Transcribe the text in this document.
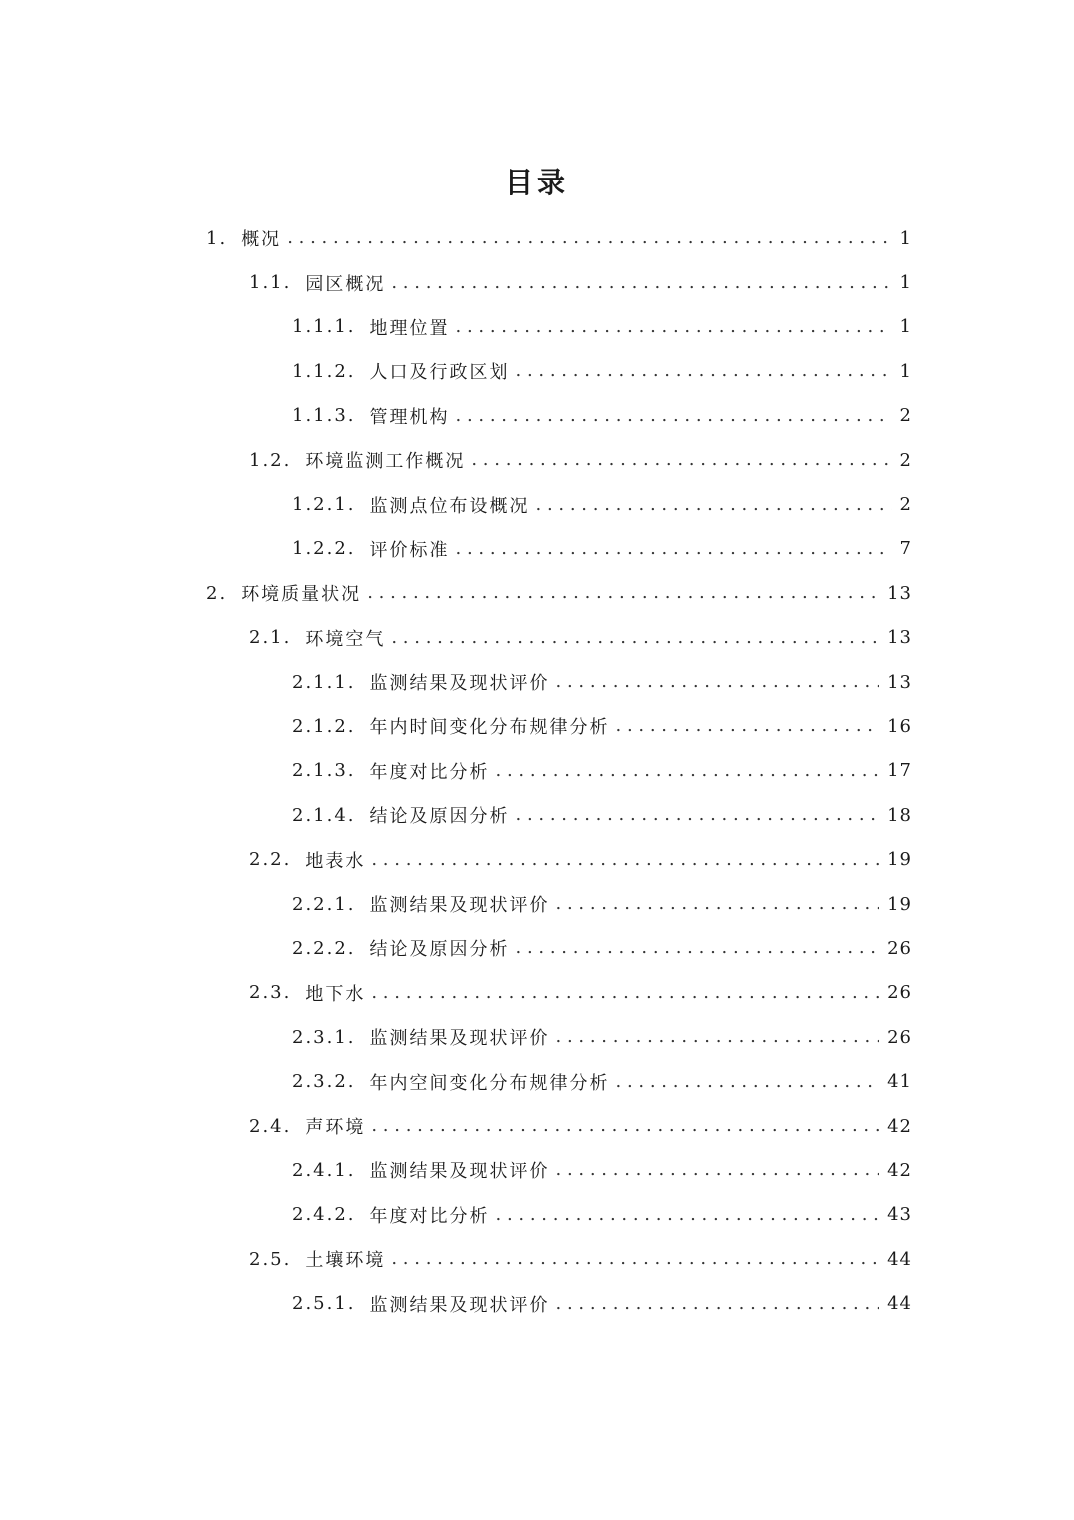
目录
1. 概况 . . .	1
1.1. 园区概况 . . .	1
1.1.1. 地理位置 . . .	1
1.1.2. 人口及行政区划 . . .	1
1.1.3. 管理机构 . . .	2
1.2. 环境监测工作概况 . . .	2
1.2.1. 监测点位布设概况 . . .	2
1.2.2. 评价标准 . . .	7
2. 环境质量状况 . . .	13
2.1. 环境空气 . . .	13
2.1.1. 监测结果及现状评价 . . .	13
2.1.2. 年内时间变化分布规律分析 . . .	16
2.1.3. 年度对比分析 . . .	17
2.1.4. 结论及原因分析 . . .	18
2.2. 地表水 . . .	19
2.2.1. 监测结果及现状评价 . . .	19
2.2.2. 结论及原因分析 . . .	26
2.3. 地下水 . . .	26
2.3.1. 监测结果及现状评价 . . .	26
2.3.2. 年内空间变化分布规律分析 . . .	41
2.4. 声环境 . . .	42
2.4.1. 监测结果及现状评价 . . .	42
2.4.2. 年度对比分析 . . .	43
2.5. 土壤环境 . . .	44
2.5.1. 监测结果及现状评价 . . .	44
